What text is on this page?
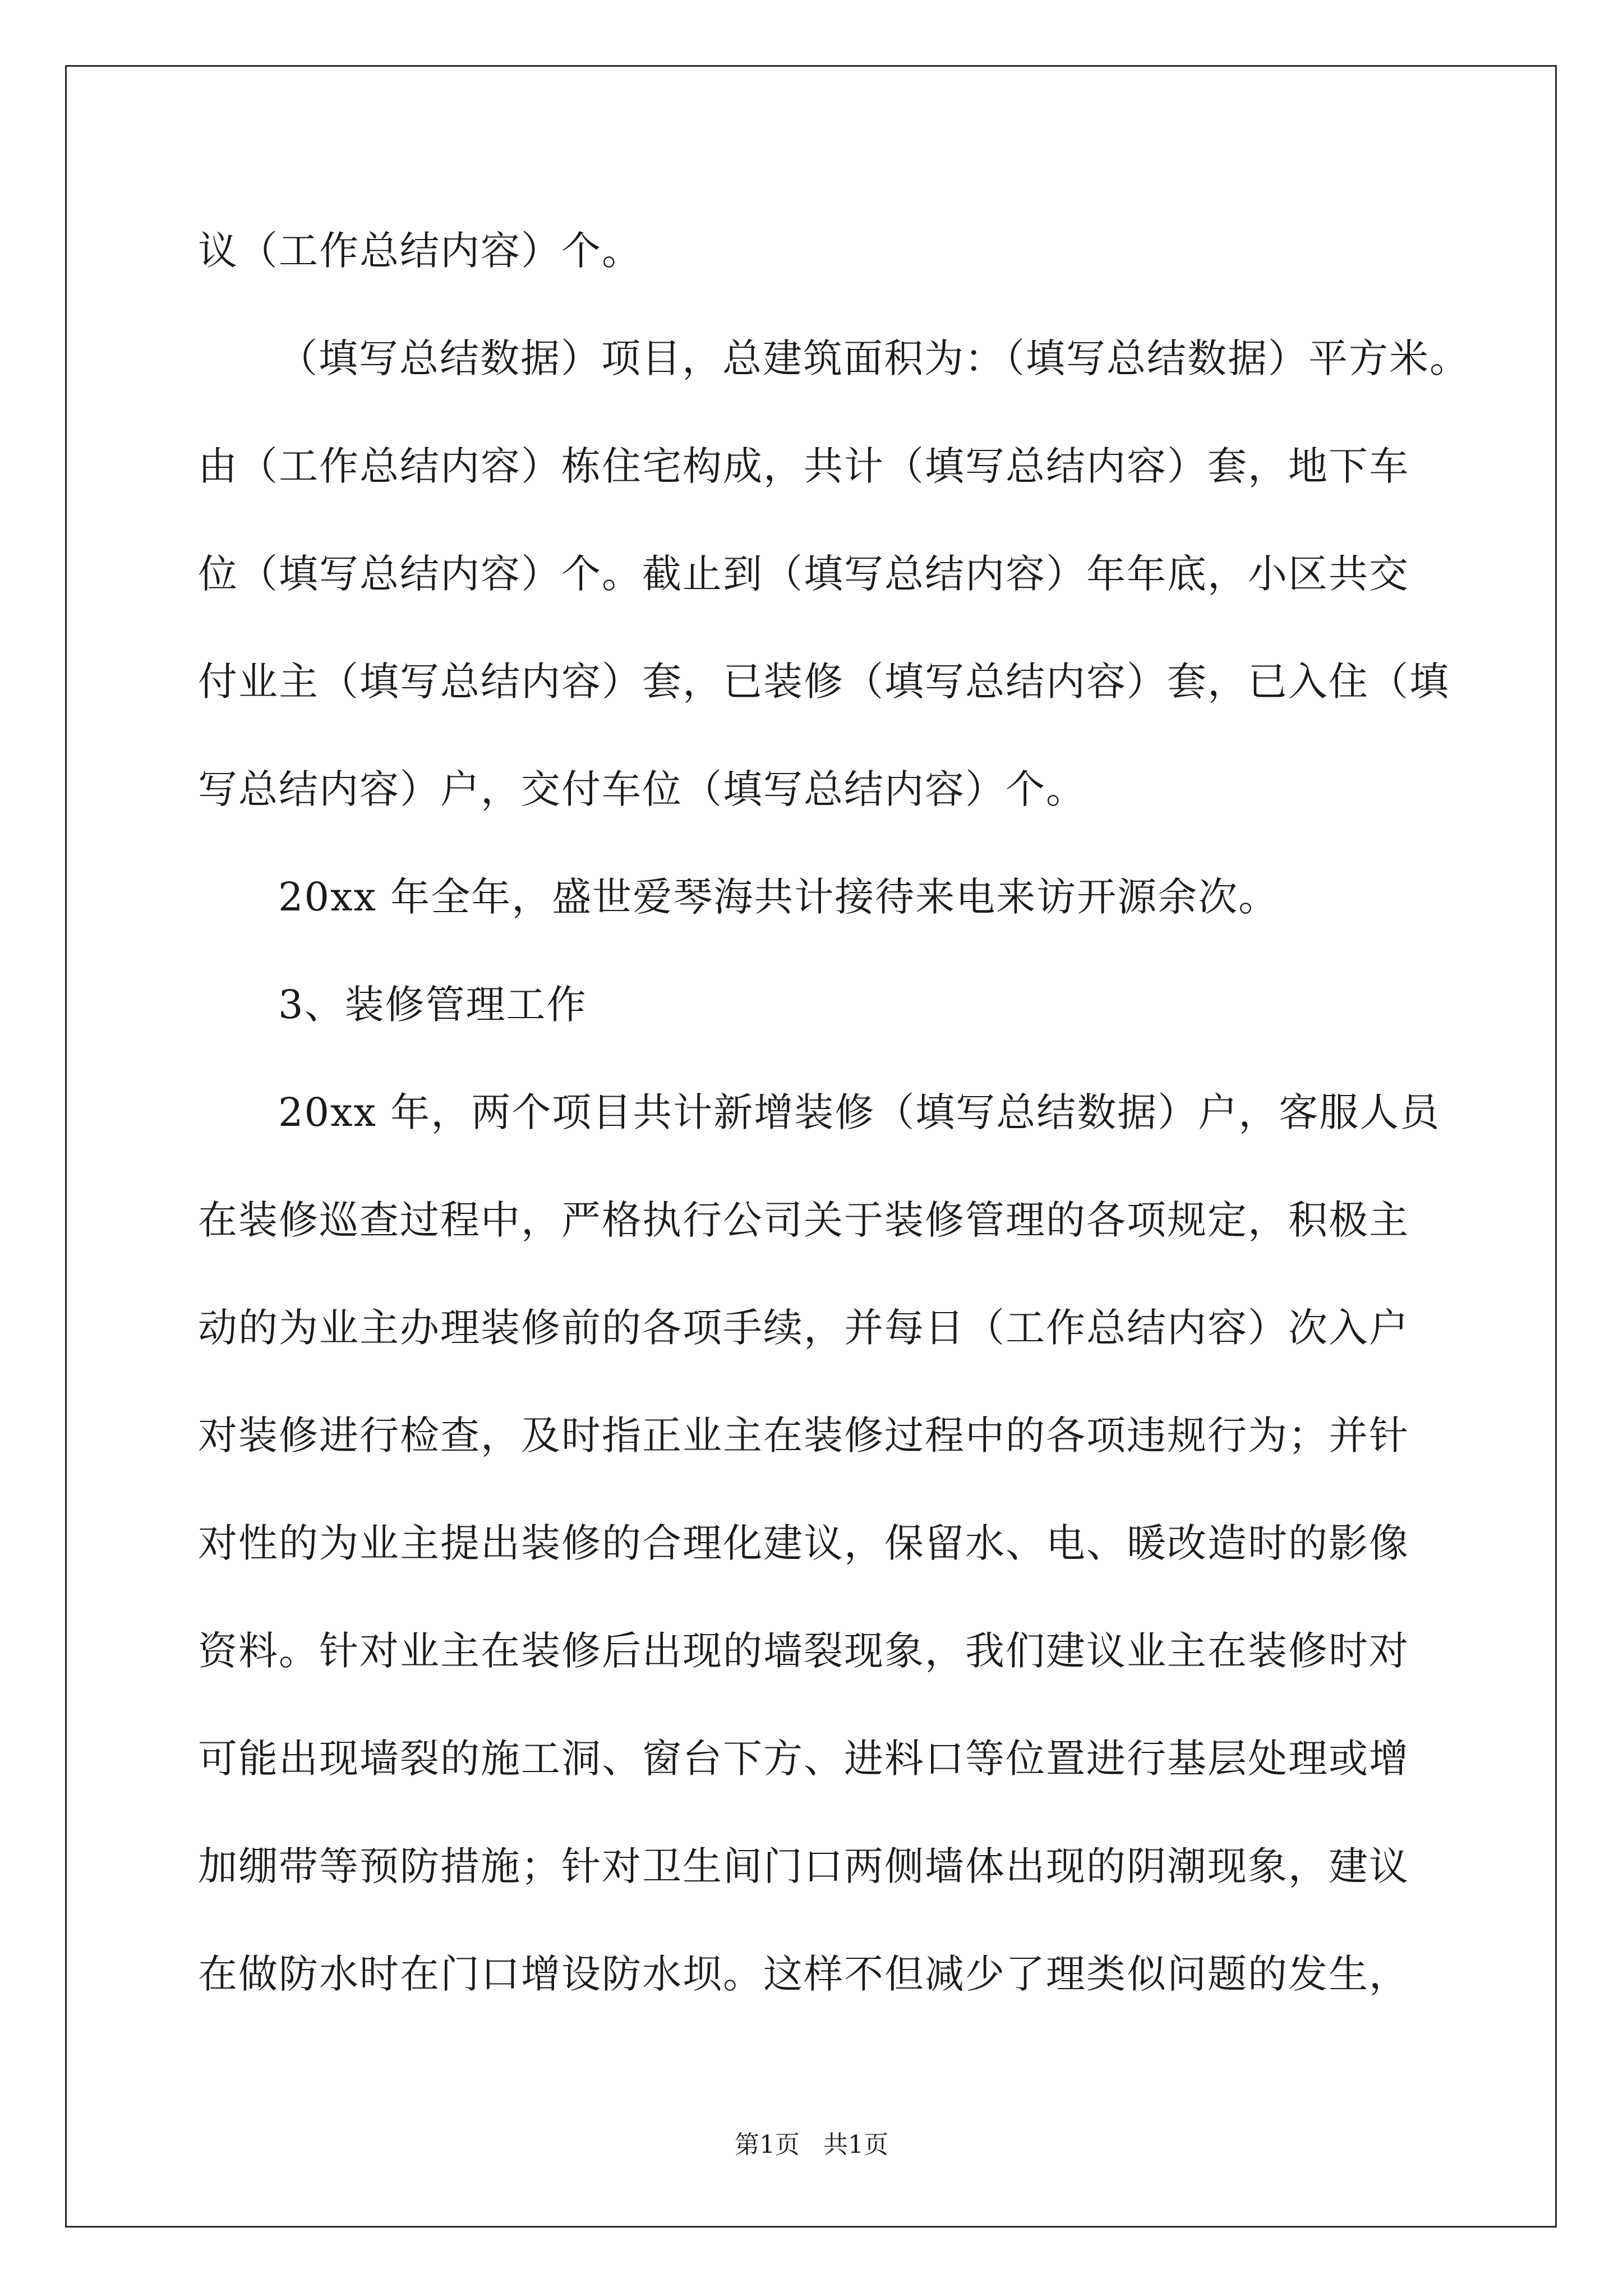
议（工作总结内容）个。
（填写总结数据）项目，总建筑面积为：（填写总结数据）平方米。
由（工作总结内容）栋住宅构成，共计（填写总结内容）套，地下车
位（填写总结内容）个。截止到（填写总结内容）年年底，小区共交
付业主（填写总结内容）套，已装修（填写总结内容）套，已入住（填
写总结内容）户，交付车位（填写总结内容）个。
20xx 年全年，盛世爱琴海共计接待来电来访开源余次。
3、装修管理工作
20xx 年，两个项目共计新增装修（填写总结数据）户，客服人员
在装修巡查过程中，严格执行公司关于装修管理的各项规定，积极主
动的为业主办理装修前的各项手续，并每日（工作总结内容）次入户
对装修进行检查，及时指正业主在装修过程中的各项违规行为；并针
对性的为业主提出装修的合理化建议，保留水、电、暖改造时的影像
资料。针对业主在装修后出现的墙裂现象，我们建议业主在装修时对
可能出现墙裂的施工洞、窗台下方、进料口等位置进行基层处理或增
加绷带等预防措施；针对卫生间门口两侧墙体出现的阴潮现象，建议
在做防水时在门口增设防水坝。这样不但减少了理类似问题的发生，
第1页   共1页
